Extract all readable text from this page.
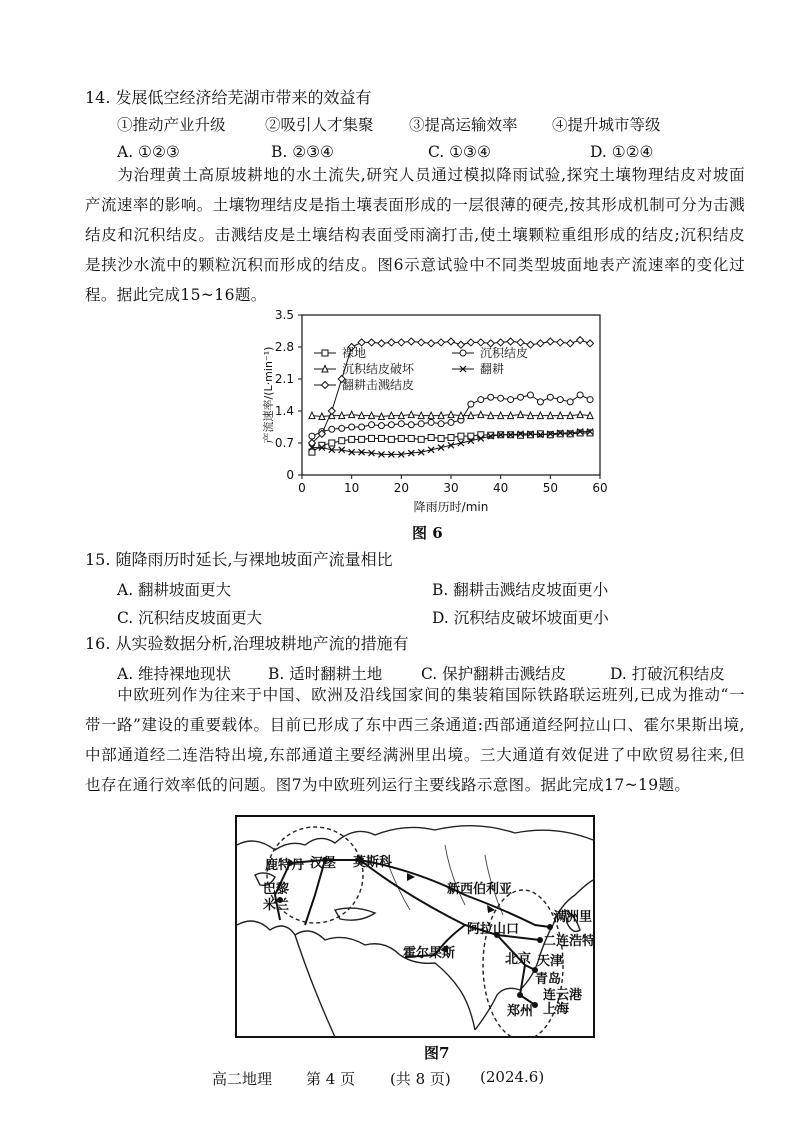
14. 发展低空经济给芜湖市带来的效益有
①推动产业升级	②吸引人才集聚 ③提高运输效率 ④提升城市等级
A. ①②③	B. ②③④	C. ①③④	D. ①②④
为治理黄土高原坡耕地的水土流失,研究人员通过模拟降雨试验,探究土壤物理结皮对坡面产流速率的影响。土壤物理结皮是指土壤表面形成的一层很薄的硬壳,按其形成机制可分为击溅结皮和沉积结皮。击溅结皮是土壤结构表面受雨滴打击,使土壤颗粒重组形成的结皮;沉积结皮是挟沙水流中的颗粒沉积而形成的结皮。图6示意试验中不同类型坡面地表产流速率的变化过程。据此完成15~16题。
0
0.7
1.4
2.1
2.8
3.5
0	10	20	30	40	50	60
降雨历时/min
产流速率/(L·min⁻¹)	裸地	沉积结皮
沉积结皮破坏	翻耕
翻耕击溅结皮
图 6
15. 随降雨历时延长,与裸地坡面产流量相比
A. 翻耕坡面更大	B. 翻耕击溅结皮坡面更小
C. 沉积结皮坡面更大	D. 沉积结皮破坏坡面更小
16. 从实验数据分析,治理坡耕地产流的措施有
A. 维持裸地现状 B. 适时翻耕土地	C. 保护翻耕击溅结皮	D. 打破沉积结皮
中欧班列作为往来于中国、欧洲及沿线国家间的集装箱国际铁路联运班列,已成为推动“一带一路”建设的重要载体。目前已形成了东中西三条通道:西部通道经阿拉山口、霍尔果斯出境,中部通道经二连浩特出境,东部通道主要经满洲里出境。三大通道有效促进了中欧贸易往来,但也存在通行效率低的问题。图7为中欧班列运行主要线路示意图。据此完成17~19题。
鹿特丹 汉堡 莫斯科
巴黎
米兰
新西伯利亚
满洲里
阿拉山口
二连浩特
霍尔果斯	北京 天津
青岛
连云港
郑州 上海
图7
高二地理 第 4 页 (共 8 页) (2024.6)
